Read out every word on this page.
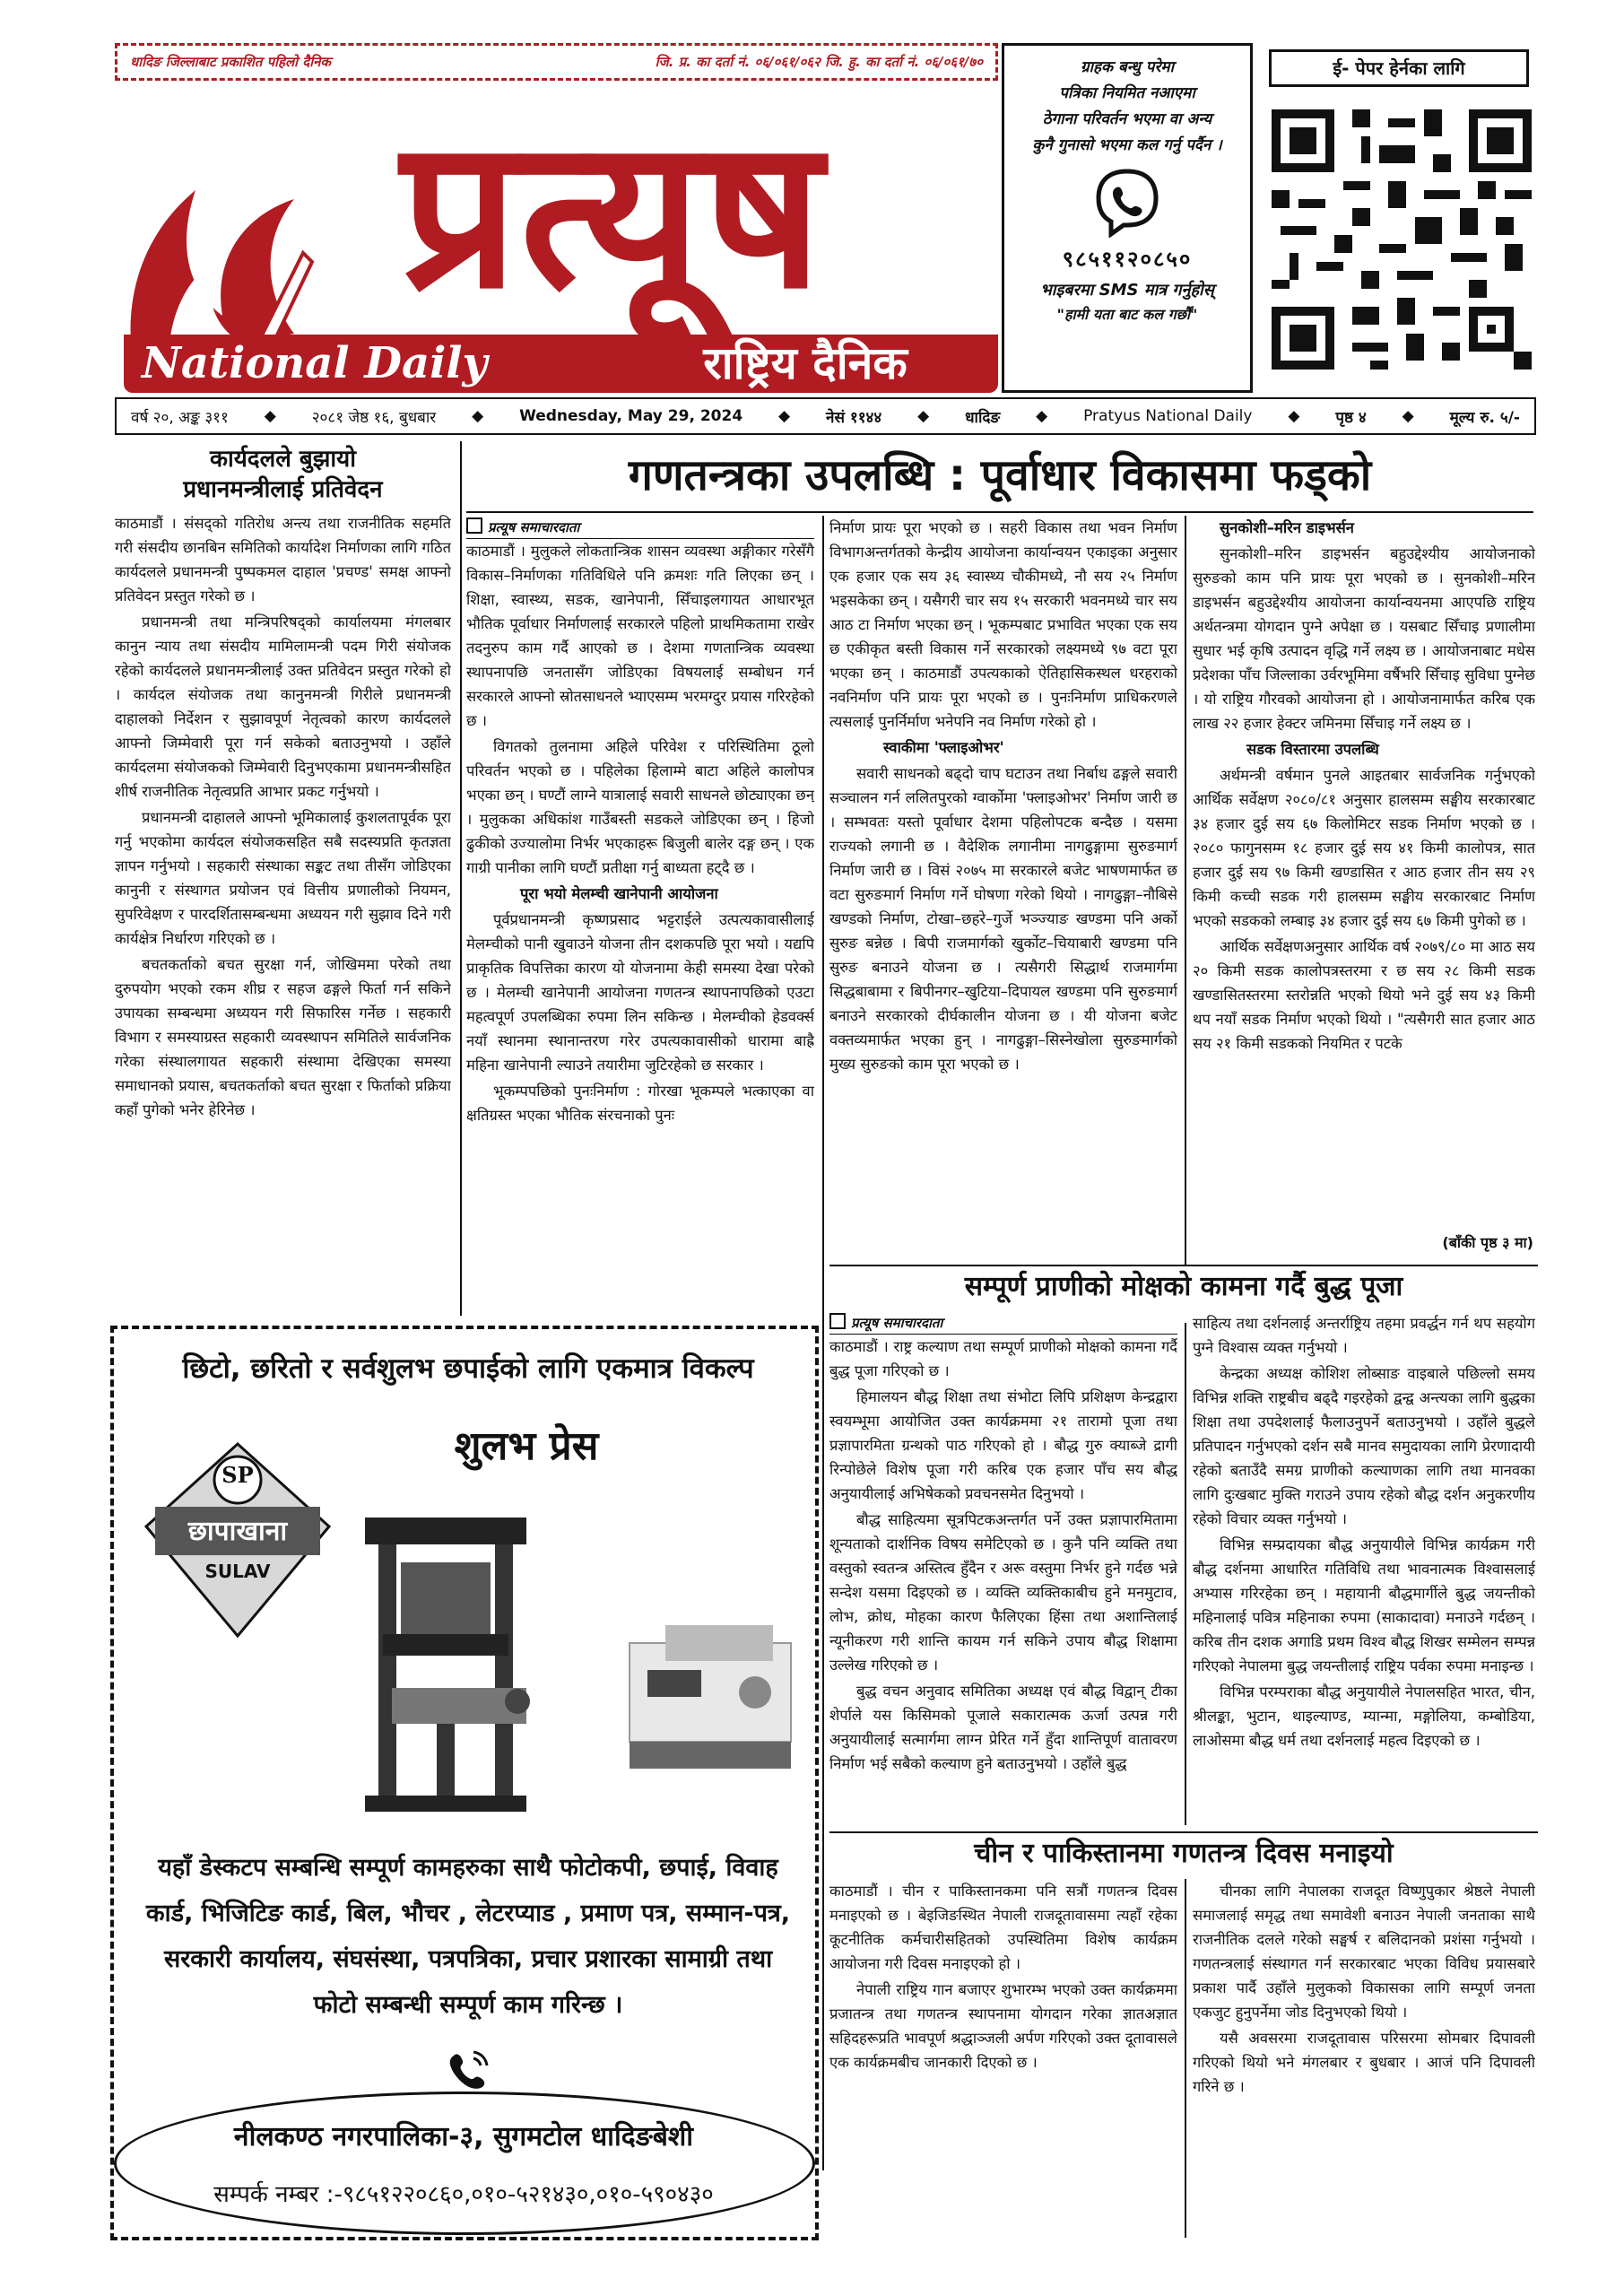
धादिङ जिल्लाबाट प्रकाशित पहिलो दैनिक	जि. प्र. का दर्ता नं. ०६/०६१/०६२ जि. हु. का दर्ता नं. ०६/०६१/७०
प्रत्यूष
National Daily	राष्ट्रिय दैनिक
ग्राहक बन्धु परेमा
पत्रिका नियमित नआएमा
ठेगाना परिवर्तन भएमा वा अन्य
कुनै गुनासो भएमा कल गर्नु पर्दैन ।
९८५११२०८५०
भाइबरमा SMS मात्र गर्नुहोस्
"हामी यता बाट कल गर्छौं"
ई- पेपर हेर्नका लागि
वर्ष २०, अङ्क ३११ ◆ २०८१ जेष्ठ १६, बुधबार ◆ Wednesday, May 29, 2024 ◆ नेसं ११४४ ◆ धादिङ ◆ Pratyus National Daily ◆ पृष्ठ ४ ◆ मूल्य रु. ५/-
कार्यदलले बुझायो
प्रधानमन्त्रीलाई प्रतिवेदन

काठमाडौं । संसद्को गतिरोध अन्त्य तथा राजनीतिक सहमति गरी संसदीय छानबिन समितिको कार्यादेश निर्माणका लागि गठित कार्यदलले प्रधानमन्त्री पुष्पकमल दाहाल 'प्रचण्ड' समक्ष आफ्नो प्रतिवेदन प्रस्तुत गरेको छ ।

प्रधानमन्त्री तथा मन्त्रिपरिषद्को कार्यालयमा मंगलबार कानुन न्याय तथा संसदीय मामिलामन्त्री पदम गिरी संयोजक रहेको कार्यदलले प्रधानमन्त्रीलाई उक्त प्रतिवेदन प्रस्तुत गरेको हो । कार्यदल संयोजक तथा कानुनमन्त्री गिरीले प्रधानमन्त्री दाहालको निर्देशन र सुझावपूर्ण नेतृत्वको कारण कार्यदलले आफ्नो जिम्मेवारी पूरा गर्न सकेको बताउनुभयो । उहाँले कार्यदलमा संयोजकको जिम्मेवारी दिनुभएकामा प्रधानमन्त्रीसहित शीर्ष राजनीतिक नेतृत्वप्रति आभार प्रकट गर्नुभयो ।

प्रधानमन्त्री दाहालले आफ्नो भूमिकालाई कुशलतापूर्वक पूरा गर्नु भएकोमा कार्यदल संयोजकसहित सबै सदस्यप्रति कृतज्ञता ज्ञापन गर्नुभयो । सहकारी संस्थाका सङ्कट तथा तीसँग जोडिएका कानुनी र संस्थागत प्रयोजन एवं वित्तीय प्रणालीको नियमन, सुपरिवेक्षण र पारदर्शितासम्बन्धमा अध्ययन गरी सुझाव दिने गरी कार्यक्षेत्र निर्धारण गरिएको छ ।

बचतकर्ताको बचत सुरक्षा गर्न, जोखिममा परेको तथा दुरुपयोग भएको रकम शीघ्र र सहज ढङ्गले फिर्ता गर्न सकिने उपायका सम्बन्धमा अध्ययन गरी सिफारिस गर्नेछ । सहकारी विभाग र समस्याग्रस्त सहकारी व्यवस्थापन समितिले सार्वजनिक गरेका संस्थालगायत सहकारी संस्थामा देखिएका समस्या समाधानको प्रयास, बचतकर्ताको बचत सुरक्षा र फिर्ताको प्रक्रिया कहाँ पुगेको भनेर हेरिनेछ ।

गणतन्त्रका उपलब्धि : पूर्वाधार विकासमा फड्को
प्रत्यूष समाचारदाता

काठमाडौं । मुलुकले लोकतान्त्रिक शासन व्यवस्था अङ्गीकार गरेसँगै विकास–निर्माणका गतिविधिले पनि क्रमशः गति लिएका छन् । शिक्षा, स्वास्थ्य, सडक, खानेपानी, सिँचाइलगायत आधारभूत भौतिक पूर्वाधार निर्माणलाई सरकारले पहिलो प्राथमिकतामा राखेर तदनुरुप काम गर्दै आएको छ । देशमा गणतान्त्रिक व्यवस्था स्थापनापछि जनतासँग जोडिएका विषयलाई सम्बोधन गर्न सरकारले आफ्नो स्रोतसाधनले भ्याएसम्म भरमग्दुर प्रयास गरिरहेको छ ।

विगतको तुलनामा अहिले परिवेश र परिस्थितिमा ठूलो परिवर्तन भएको छ । पहिलेका हिलाम्मे बाटा अहिले कालोपत्र भएका छन् । घण्टौं लाग्ने यात्रालाई सवारी साधनले छोट्याएका छन् । मुलुकका अधिकांश गाउँबस्ती सडकले जोडिएका छन् । हिजो ढुकीको उज्यालोमा निर्भर भएकाहरू बिजुली बालेर दङ्ग छन् । एक गाग्री पानीका लागि घण्टौं प्रतीक्षा गर्नु बाध्यता हट्दै छ ।

पूरा भयो मेलम्ची खानेपानी आयोजना

पूर्वप्रधानमन्त्री कृष्णप्रसाद भट्टराईले उत्पत्यकावासीलाई मेलम्चीको पानी खुवाउने योजना तीन दशकपछि पूरा भयो । यद्यपि प्राकृतिक विपत्तिका कारण यो योजनामा केही समस्या देखा परेको छ । मेलम्ची खानेपानी आयोजना गणतन्त्र स्थापनापछिको एउटा महत्वपूर्ण उपलब्धिका रुपमा लिन सकिन्छ । मेलम्चीको हेडवर्क्स नयाँ स्थानमा स्थानान्तरण गरेर उपत्यकावासीको धारामा बाह्रै महिना खानेपानी ल्याउने तयारीमा जुटिरहेको छ सरकार ।

भूकम्पपछिको पुनःनिर्माण : गोरखा भूकम्पले भत्काएका वा क्षतिग्रस्त भएका भौतिक संरचनाको पुनः

निर्माण प्रायः पूरा भएको छ । सहरी विकास तथा भवन निर्माण विभागअन्तर्गतको केन्द्रीय आयोजना कार्यान्वयन एकाइका अनुसार एक हजार एक सय ३६ स्वास्थ्य चौकीमध्ये, नौ सय २५ निर्माण भइसकेका छन् । यसैगरी चार सय १५ सरकारी भवनमध्ये चार सय आठ टा निर्माण भएका छन् । भूकम्पबाट प्रभावित भएका एक सय छ एकीकृत बस्ती विकास गर्ने सरकारको लक्ष्यमध्ये ९७ वटा पूरा भएका छन् । काठमाडौं उपत्यकाको ऐतिहासिकस्थल धरहराको नवनिर्माण पनि प्रायः पूरा भएको छ । पुनःनिर्माण प्राधिकरणले त्यसलाई पुनर्निर्माण भनेपनि नव निर्माण गरेको हो ।

स्वाकीमा 'फ्लाइओभर'

सवारी साधनको बढ्दो चाप घटाउन तथा निर्बाध ढङ्गले सवारी सञ्चालन गर्न ललितपुरको ग्वार्कोमा 'फ्लाइओभर' निर्माण जारी छ । सम्भवतः यस्तो पूर्वाधार देशमा पहिलोपटक बन्दैछ । यसमा राज्यको लगानी छ । वैदेशिक लगानीमा नागढुङ्गामा सुरुङमार्ग निर्माण जारी छ । विसं २०७५ मा सरकारले बजेट भाषणमार्फत छ वटा सुरुङमार्ग निर्माण गर्ने घोषणा गरेको थियो । नागढुङ्गा–नौबिसे खण्डको निर्माण, टोखा–छहरे–गुर्जे भञ्ज्याङ खण्डमा पनि अर्को सुरुङ बन्नेछ । बिपी राजमार्गको खुर्कोट–चियाबारी खण्डमा पनि सुरुङ बनाउने योजना छ । त्यसैगरी सिद्धार्थ राजमार्गमा सिद्धबाबामा र बिपीनगर–खुटिया–दिपायल खण्डमा पनि सुरुङमार्ग बनाउने सरकारको दीर्घकालीन योजना छ । यी योजना बजेट वक्तव्यमार्फत भएका हुन् । नागढुङ्गा–सिस्नेखोला सुरुङमार्गको मुख्य सुरुङको काम पूरा भएको छ ।

सुनकोशी–मरिन डाइभर्सन

सुनकोशी–मरिन डाइभर्सन बहुउद्देश्यीय आयोजनाको सुरुङको काम पनि प्रायः पूरा भएको छ । सुनकोशी–मरिन डाइभर्सन बहुउद्देश्यीय आयोजना कार्यान्वयनमा आएपछि राष्ट्रिय अर्थतन्त्रमा योगदान पुग्ने अपेक्षा छ । यसबाट सिँचाइ प्रणालीमा सुधार भई कृषि उत्पादन वृद्धि गर्ने लक्ष्य छ । आयोजनाबाट मधेस प्रदेशका पाँच जिल्लाका उर्वरभूमिमा वर्षैभरि सिँचाइ सुविधा पुग्नेछ । यो राष्ट्रिय गौरवको आयोजना हो । आयोजनामार्फत करिब एक लाख २२ हजार हेक्टर जमिनमा सिँचाइ गर्ने लक्ष्य छ ।

सडक विस्तारमा उपलब्धि

अर्थमन्त्री वर्षमान पुनले आइतबार सार्वजनिक गर्नुभएको आर्थिक सर्वेक्षण २०८०/८१ अनुसार हालसम्म सङ्घीय सरकारबाट ३४ हजार दुई सय ६७ किलोमिटर सडक निर्माण भएको छ । २०८० फागुनसम्म १८ हजार दुई सय ४१ किमी कालोपत्र, सात हजार दुई सय ९७ किमी खण्डासित र आठ हजार तीन सय २९ किमी कच्ची सडक गरी हालसम्म सङ्घीय सरकारबाट निर्माण भएको सडकको लम्बाइ ३४ हजार दुई सय ६७ किमी पुगेको छ ।

आर्थिक सर्वेक्षणअनुसार आर्थिक वर्ष २०७९/८० मा आठ सय २० किमी सडक कालोपत्रस्तरमा र छ सय २८ किमी सडक खण्डासितस्तरमा स्तरोन्नति भएको थियो भने दुई सय ४३ किमी थप नयाँ सडक निर्माण भएको थियो । "त्यसैगरी सात हजार आठ सय २१ किमी सडकको नियमित र पटके

(बाँकी पृष्ठ ३ मा)
सम्पूर्ण प्राणीको मोक्षको कामना गर्दै बुद्ध पूजा
प्रत्यूष समाचारदाता

काठमाडौं । राष्ट्र कल्याण तथा सम्पूर्ण प्राणीको मोक्षको कामना गर्दै बुद्ध पूजा गरिएको छ ।

हिमालयन बौद्ध शिक्षा तथा संभोटा लिपि प्रशिक्षण केन्द्रद्वारा स्वयम्भूमा आयोजित उक्त कार्यक्रममा २१ तारामो पूजा तथा प्रज्ञापारमिता ग्रन्थको पाठ गरिएको हो । बौद्ध गुरु क्याब्जे द्रागी रिन्पोछेले विशेष पूजा गरी करिब एक हजार पाँच सय बौद्ध अनुयायीलाई अभिषेकको प्रवचनसमेत दिनुभयो ।

बौद्ध साहित्यमा सूत्रपिटकअन्तर्गत पर्ने उक्त प्रज्ञापारमितामा शून्यताको दार्शनिक विषय समेटिएको छ । कुनै पनि व्यक्ति तथा वस्तुको स्वतन्त्र अस्तित्व हुँदैन र अरू वस्तुमा निर्भर हुने गर्दछ भन्ने सन्देश यसमा दिइएको छ । व्यक्ति व्यक्तिकाबीच हुने मनमुटाव, लोभ, क्रोध, मोहका कारण फैलिएका हिंसा तथा अशान्तिलाई न्यूनीकरण गरी शान्ति कायम गर्न सकिने उपाय बौद्ध शिक्षामा उल्लेख गरिएको छ ।

बुद्ध वचन अनुवाद समितिका अध्यक्ष एवं बौद्ध विद्वान् टीका शेर्पाले यस किसिमको पूजाले सकारात्मक ऊर्जा उत्पन्न गरी अनुयायीलाई सत्मार्गमा लाग्न प्रेरित गर्ने हुँदा शान्तिपूर्ण वातावरण निर्माण भई सबैको कल्याण हुने बताउनुभयो । उहाँले बुद्ध

साहित्य तथा दर्शनलाई अन्तर्राष्ट्रिय तहमा प्रवर्द्धन गर्न थप सहयोग पुग्ने विश्वास व्यक्त गर्नुभयो ।

केन्द्रका अध्यक्ष कोशिश लोब्साङ वाइबाले पछिल्लो समय विभिन्न शक्ति राष्ट्रबीच बढ्दै गइरहेको द्वन्द्व अन्त्यका लागि बुद्धका शिक्षा तथा उपदेशलाई फैलाउनुपर्ने बताउनुभयो । उहाँले बुद्धले प्रतिपादन गर्नुभएको दर्शन सबै मानव समुदायका लागि प्रेरणादायी रहेको बताउँदै समग्र प्राणीको कल्याणका लागि तथा मानवका लागि दुःखबाट मुक्ति गराउने उपाय रहेको बौद्ध दर्शन अनुकरणीय रहेको विचार व्यक्त गर्नुभयो ।

विभिन्न सम्प्रदायका बौद्ध अनुयायीले विभिन्न कार्यक्रम गरी बौद्ध दर्शनमा आधारित गतिविधि तथा भावनात्मक विश्वासलाई अभ्यास गरिरहेका छन् । महायानी बौद्धमार्गीले बुद्ध जयन्तीको महिनालाई पवित्र महिनाका रुपमा (साकादावा) मनाउने गर्दछन् । करिब तीन दशक अगाडि प्रथम विश्व बौद्ध शिखर सम्मेलन सम्पन्न गरिएको नेपालमा बुद्ध जयन्तीलाई राष्ट्रिय पर्वका रुपमा मनाइन्छ ।

विभिन्न परम्पराका बौद्ध अनुयायीले नेपालसहित भारत, चीन, श्रीलङ्का, भुटान, थाइल्याण्ड, म्यान्मा, मङ्गोलिया, कम्बोडिया, लाओसमा बौद्ध धर्म तथा दर्शनलाई महत्व दिइएको छ ।

चीन र पाकिस्तानमा गणतन्त्र दिवस मनाइयो

काठमाडौं । चीन र पाकिस्तानकमा पनि सत्रौं गणतन्त्र दिवस मनाइएको छ । बेइजिङस्थित नेपाली राजदूतावासमा त्यहाँ रहेका कूटनीतिक कर्मचारीसहितको उपस्थितिमा विशेष कार्यक्रम आयोजना गरी दिवस मनाइएको हो ।

नेपाली राष्ट्रिय गान बजाएर शुभारम्भ भएको उक्त कार्यक्रममा प्रजातन्त्र तथा गणतन्त्र स्थापनामा योगदान गरेका ज्ञातअज्ञात सहिदहरूप्रति भावपूर्ण श्रद्धाञ्जली अर्पण गरिएको उक्त दूतावासले एक कार्यक्रमबीच जानकारी दिएको छ ।

चीनका लागि नेपालका राजदूत विष्णुपुकार श्रेष्ठले नेपाली समाजलाई समृद्ध तथा समावेशी बनाउन नेपाली जनताका साथै राजनीतिक दलले गरेको सङ्घर्ष र बलिदानको प्रशंसा गर्नुभयो । गणतन्त्रलाई संस्थागत गर्न सरकारबाट भएका विविध प्रयासबारे प्रकाश पार्दै उहाँले मुलुकको विकासका लागि सम्पूर्ण जनता एकजुट हुनुपर्नेमा जोड दिनुभएको थियो ।

यसै अवसरमा राजदूतावास परिसरमा सोमबार दिपावली गरिएको थियो भने मंगलबार र बुधबार । आजं पनि दिपावली गरिने छ ।

छिटो, छरितो र सर्वशुलभ छपाईको लागि एकमात्र विकल्प
शुलभ प्रेस
SP
छापाखाना
SULAV
यहाँ डेस्कटप सम्बन्धि सम्पूर्ण कामहरुका साथै फोटोकपी, छपाई, विवाह कार्ड, भिजिटिङ कार्ड, बिल, भौचर , लेटरप्याड , प्रमाण पत्र, सम्मान-पत्र, सरकारी कार्यालय, संघसंस्था, पत्रपत्रिका, प्रचार प्रशारका सामाग्री तथा फोटो सम्बन्धी सम्पूर्ण काम गरिन्छ ।
नीलकण्ठ नगरपालिका-३, सुगमटोल धादिङबेशी
सम्पर्क नम्बर :-९८५१२२०८६०,०१०-५२१४३०,०१०-५९०४३०
